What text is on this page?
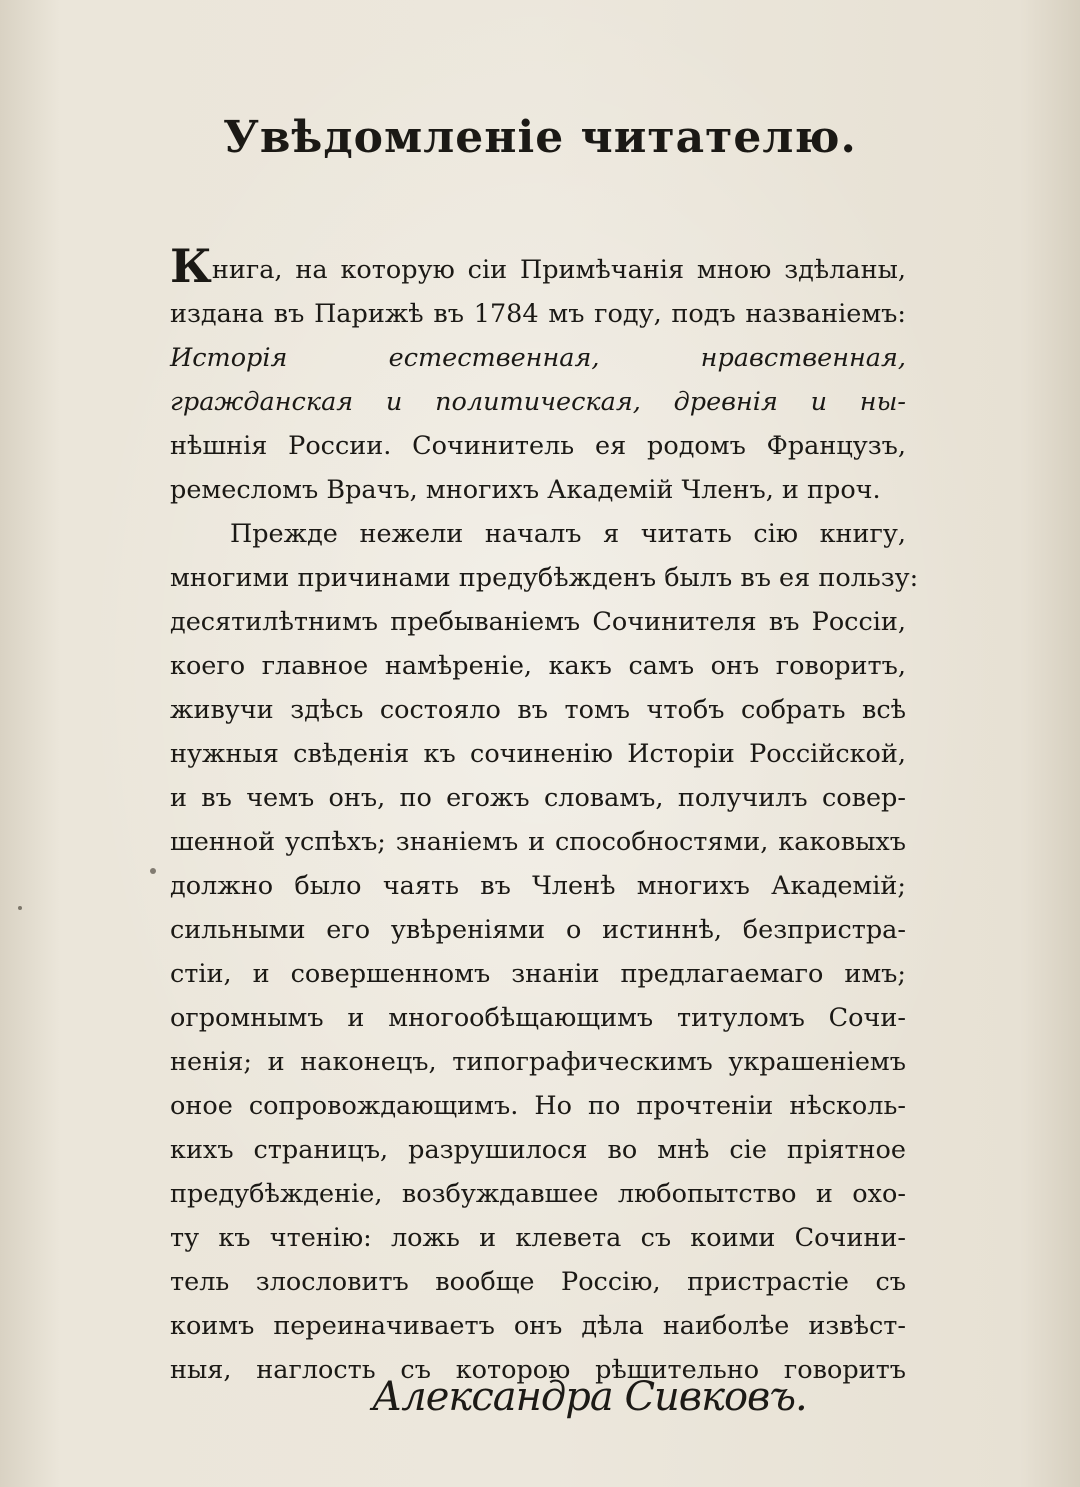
Увѣдомленіе читателю.
Книга, на которую сіи Примѣчанія мною здѣланы,
издана въ Парижѣ въ 1784 мъ году, подъ названіемъ:
Исторія естественная, нравственная,
гражданская и политическая, древнія и ны-
нѣшнія России. Сочинитель ея родомъ Французъ,
ремесломъ Врачъ, многихъ Академій Членъ, и проч.
Прежде нежели началъ я читать сію книгу,
многими причинами предубѣжденъ былъ въ ея пользу:
десятилѣтнимъ пребываніемъ Сочинителя въ Россіи,
коего главное намѣреніе, какъ самъ онъ говоритъ,
живучи здѣсь состояло въ томъ чтобъ собрать всѣ
нужныя свѣденія къ сочиненію Исторіи Россійской,
и въ чемъ онъ, по егожъ словамъ, получилъ совер-
шенной успѣхъ; знаніемъ и способностями, каковыхъ
должно было чаять въ Членѣ многихъ Академій;
сильными его увѣреніями о истиннѣ, безпристра-
стіи, и совершенномъ знаніи предлагаемаго имъ;
огромнымъ и многообѣщающимъ титуломъ Сочи-
ненія; и наконецъ, типографическимъ украшеніемъ
оное сопровождающимъ. Но по прочтеніи нѣсколь-
кихъ страницъ, разрушилося во мнѣ сіе пріятное
предубѣжденіе, возбуждавшее любопытство и охо-
ту къ чтенію: ложь и клевета съ коими Сочини-
тель злословитъ вообще Россію, пристрастіе съ
коимъ переиначиваетъ онъ дѣла наиболѣе извѣст-
ныя, наглость съ которою рѣшительно говоритъ
Александра Сивковъ.
